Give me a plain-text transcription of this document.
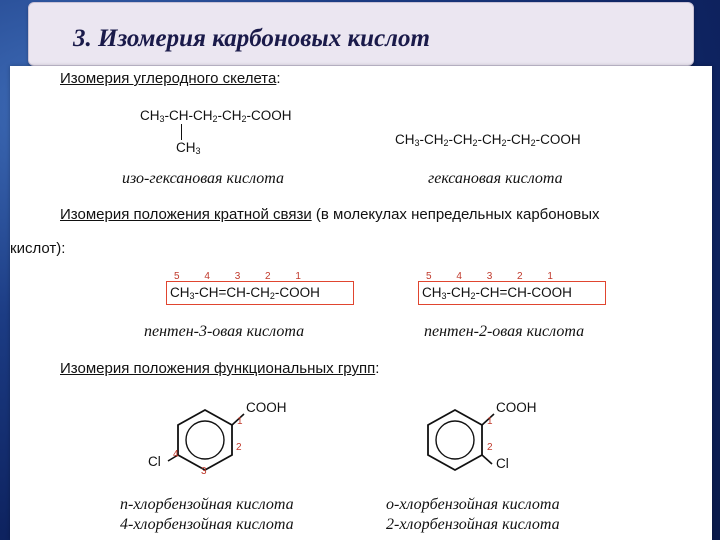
3. Изомерия карбоновых кислот
Изомерия углеродного скелета:
$CH_3-CH-CH_2-CH_2$-COOH
$CH_3$
$CH_3-CH_2-CH_2-CH_2-CH_2$-COOH
изо-гексановая кислота	гексановая кислота
Изомерия положения кратной связи (в молекулах непредельных карбоновых
кислот):
5 4 3 2 1
$CH_3-CH=CH-CH_2$-COOH
5 4 3 2 1
$CH_3-CH_2-CH=CH$-COOH
пентен-3-овая кислота	пентен-2-овая кислота
Изомерия положения функциональных групп:
COOH
Cl
1
2
3
4
COOH
Cl
1
2
п-хлорбензойная кислота
4-хлорбензойная кислота
о-хлорбензойная кислота
2-хлорбензойная кислота
